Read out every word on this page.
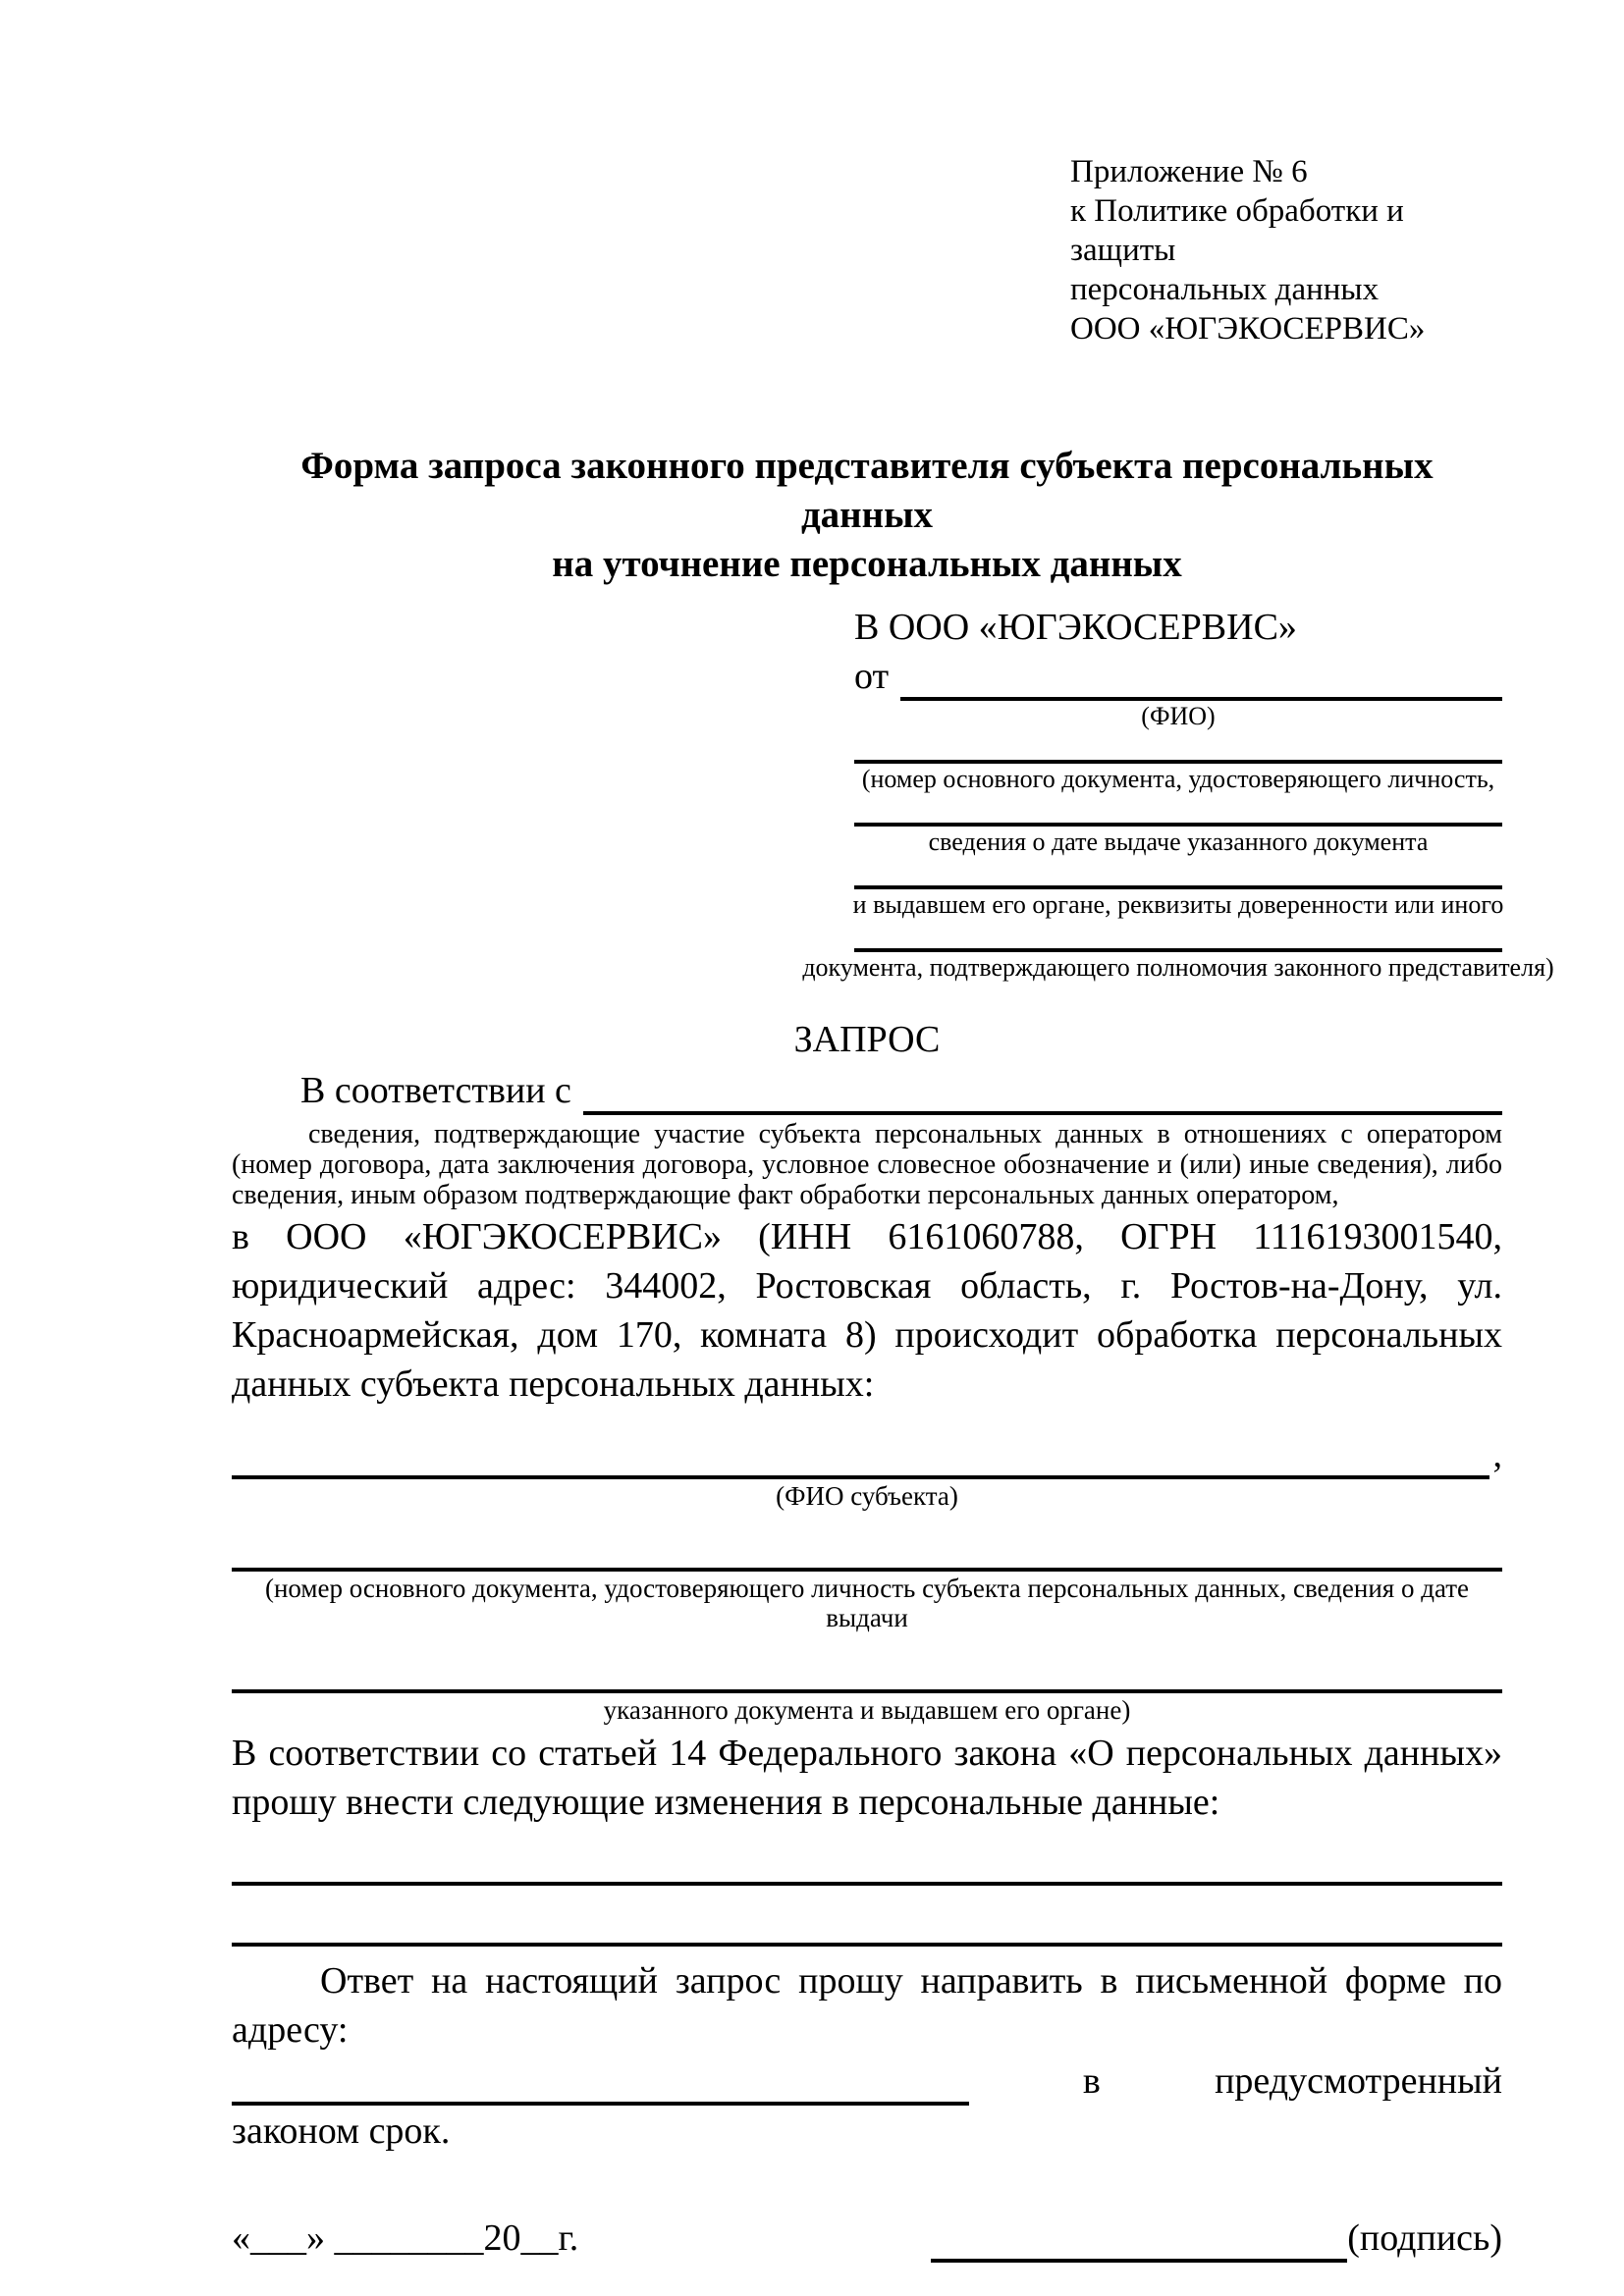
Приложение № 6
к Политике обработки и защиты
персональных данных
ООО «ЮГЭКОСЕРВИС»
Форма запроса законного представителя субъекта персональных данных
на уточнение персональных данных
В ООО «ЮГЭКОСЕРВИС»
от
(ФИО)
(номер основного документа, удостоверяющего личность,
сведения о дате выдаче указанного документа
и выдавшем его органе, реквизиты доверенности или иного
документа, подтверждающего полномочия законного представителя)
ЗАПРОС
В соответствии с
сведения, подтверждающие участие субъекта персональных данных в отношениях с оператором (номер договора, дата заключения договора, условное словесное обозначение и (или) иные сведения), либо сведения, иным образом подтверждающие факт обработки персональных данных оператором,
в ООО «ЮГЭКОСЕРВИС» (ИНН 6161060788, ОГРН 1116193001540, юридический адрес: 344002, Ростовская область, г. Ростов-на-Дону, ул. Красноармейская, дом 170, комната 8) происходит обработка персональных данных субъекта персональных данных:
,
(ФИО субъекта)
(номер основного документа, удостоверяющего личность субъекта персональных данных, сведения о дате выдачи
указанного документа и выдавшем его органе)
В соответствии со статьей 14 Федерального закона «О персональных данных» прошу внести следующие изменения в персональные данные:
Ответ на настоящий запрос прошу направить в письменной форме по адресу:
в	предусмотренный
законом срок.
«___» ________20__г.	(подпись)
